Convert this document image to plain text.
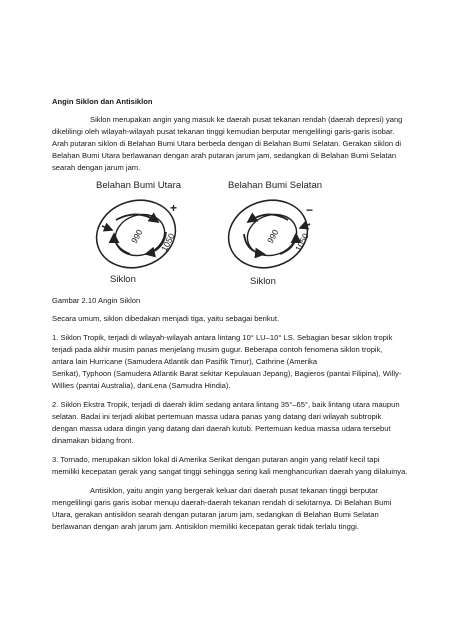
Angin Siklon dan Antisiklon
Siklon merupakan angin yang masuk ke daerah pusat tekanan rendah (daerah depresi) yang
dikelilingi oleh wilayah-wilayah pusat tekanan tinggi kemudian berputar mengelilingi garis-garis isobar.
Arah putaran siklon di Belahan Bumi Utara berbeda dengan di Belahan Bumi Selatan. Gerakan siklon di
Belahan Bumi Utara berlawanan dengan arah putaran jarum jam, sedangkan di Belahan Bumi Selatan
searah dengan jarum jam.
Belahan Bumi Utara
990 1050
+
Siklon
Belahan Bumi Selatan
990 1050
−
Siklon
Gambar 2.10 Angin Siklon
Secara umum, siklon dibedakan menjadi tiga, yaitu sebagai berikut.
1. Siklon Tropik, terjadi di wilayah-wilayah antara lintang 10° LU–10° LS. Sebagian besar siklon tropik
terjadi pada akhir musim panas menjelang musim gugur. Beberapa contoh fenomena siklon tropik,
antara lain Hurricane (Samudera Atlantik dan Pasifik Timur), Cathrine (Amerika
Serikat), Typhoon (Samudera Atlantik Barat sekitar Kepulauan Jepang), Bagieros (pantai Filipina), Willy-
Willies (pantai Australia), danLena (Samudra Hindia).
2. Siklon Ekstra Tropik, terjadi di daerah iklim sedang antara lintang 35°–65°, baik lintang utara maupun
selatan. Badai ini terjadi akibat pertemuan massa udara panas yang datang dari wilayah subtropik
dengan massa udara dingin yang datang dari daerah kutub. Pertemuan kedua massa udara tersebut
dinamakan bidang front.
3. Tornado, merupakan siklon lokal di Amerika Serikat dengan putaran angin yang relatif kecil tapi
memiliki kecepatan gerak yang sangat tinggi sehingga sering kali menghancurkan daerah yang dilaluinya.
Antisiklon, yaitu angin yang bergerak keluar dari daerah pusat tekanan tinggi berputar
mengelilingi garis garis isobar menuju daerah-daerah tekanan rendah di sekitarnya. Di Belahan Bumi
Utara, gerakan antisiklon searah dengan putaran jarum jam, sedangkan di Belahan Bumi Selatan
berlawanan dengan arah jarum jam. Antisiklon memiliki kecepatan gerak tidak terlalu tinggi.
